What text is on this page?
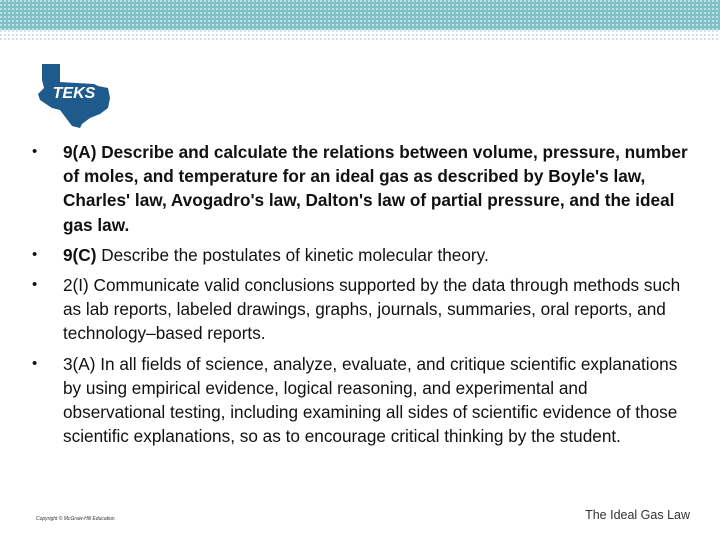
TEKS
• 9(A) Describe and calculate the relations between volume, pressure, number of moles, and temperature for an ideal gas as described by Boyle's law, Charles' law, Avogadro's law, Dalton's law of partial pressure, and the ideal gas law.
• 9(C) Describe the postulates of kinetic molecular theory.
• 2(I) Communicate valid conclusions supported by the data through methods such as lab reports, labeled drawings, graphs, journals, summaries, oral reports, and technology–based reports.
• 3(A) In all fields of science, analyze, evaluate, and critique scientific explanations by using empirical evidence, logical reasoning, and experimental and observational testing, including examining all sides of scientific evidence of those scientific explanations, so as to encourage critical thinking by the student.
Copyright © McGraw-Hill Education	The Ideal Gas Law
